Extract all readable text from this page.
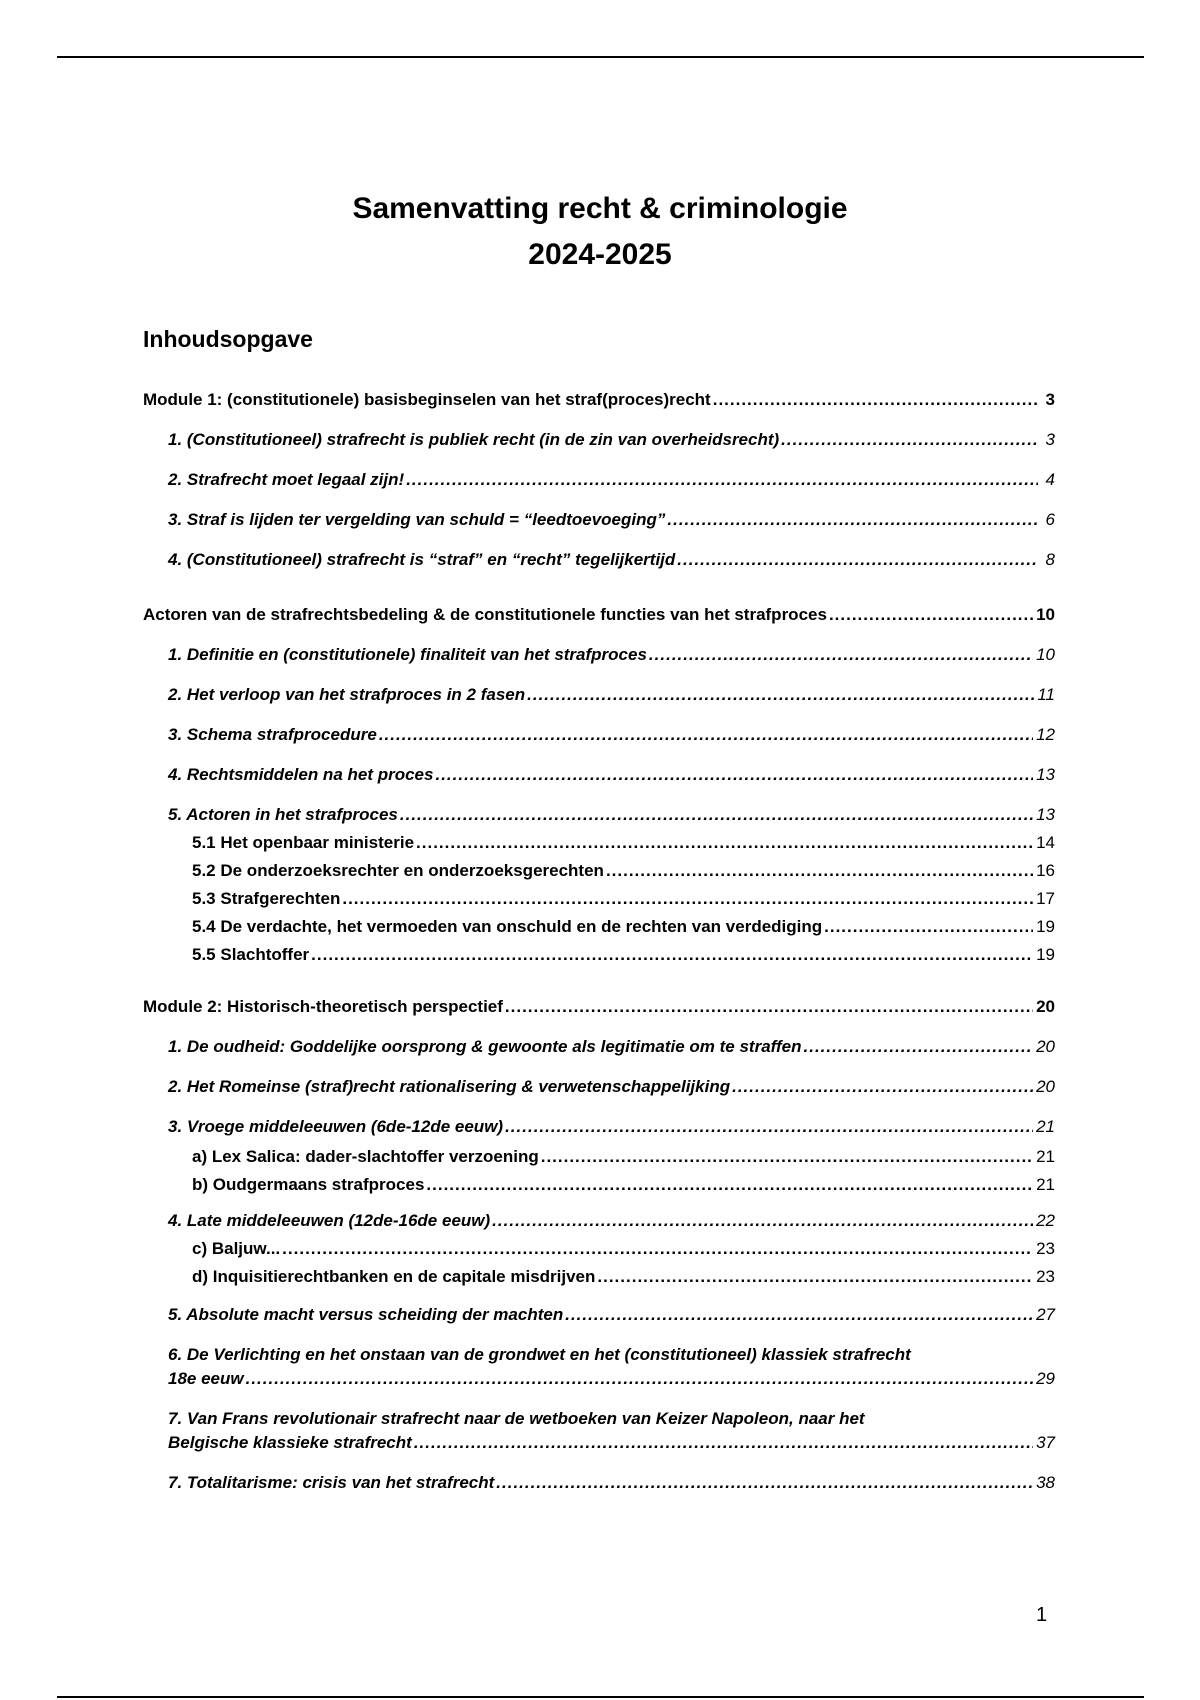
Samenvatting recht & criminologie
2024-2025
Inhoudsopgave
Module 1: (constitutionele) basisbeginselen van het straf(proces)recht .....	3
1. (Constitutioneel) strafrecht is publiek recht (in de zin van overheidsrecht) .....	3
2. Strafrecht moet legaal zijn! .....	4
3. Straf is lijden ter vergelding van schuld = “leedtoevoeging” .....	6
4. (Constitutioneel) strafrecht is “straf” en “recht” tegelijkertijd .....	8
Actoren van de strafrechtsbedeling & de constitutionele functies van het strafproces .....	10
1. Definitie en (constitutionele) finaliteit van het strafproces .....	10
2. Het verloop van het strafproces in 2 fasen .....	11
3. Schema strafprocedure .....	12
4. Rechtsmiddelen na het proces .....	13
5. Actoren in het strafproces .....	13
5.1 Het openbaar ministerie .....	14
5.2 De onderzoeksrechter en onderzoeksgerechten .....	16
5.3 Strafgerechten .....	17
5.4 De verdachte, het vermoeden van onschuld en de rechten van verdediging .....	19
5.5 Slachtoffer .....	19
Module 2: Historisch-theoretisch perspectief .....	20
1. De oudheid: Goddelijke oorsprong & gewoonte als legitimatie om te straffen .....	20
2. Het Romeinse (straf)recht rationalisering & verwetenschappelijking .....	20
3. Vroege middeleeuwen (6de-12de eeuw) .....	21
a) Lex Salica: dader-slachtoffer verzoening .....	21
b) Oudgermaans strafproces .....	21
4. Late middeleeuwen (12de-16de eeuw) .....	22
c) Baljuw... .....	23
d) Inquisitierechtbanken en de capitale misdrijven .....	23
5. Absolute macht versus scheiding der machten .....	27
6. De Verlichting en het onstaan van de grondwet en het (constitutioneel) klassiek strafrecht
18e eeuw .....	29
7. Van Frans revolutionair strafrecht naar de wetboeken van Keizer Napoleon, naar het
Belgische klassieke strafrecht .....	37
7. Totalitarisme: crisis van het strafrecht .....	38
1
